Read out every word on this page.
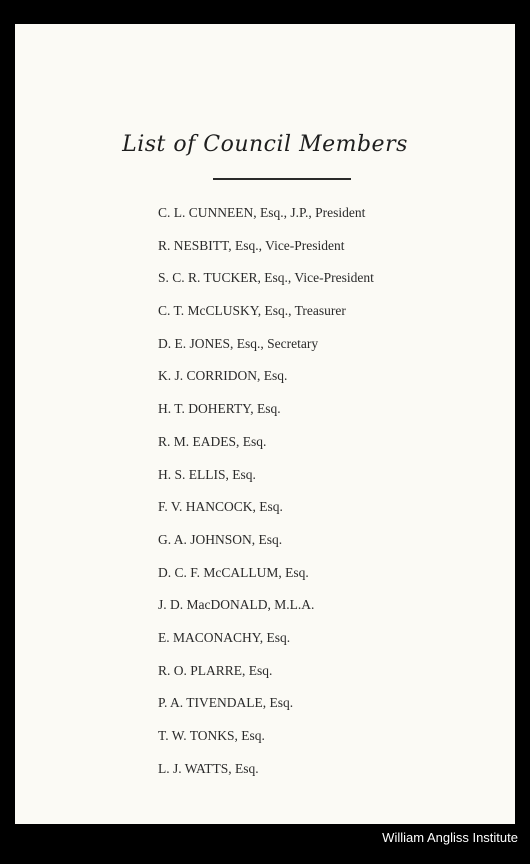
List of Council Members
C. L. CUNNEEN, Esq., J.P., President
R. NESBITT, Esq., Vice-President
S. C. R. TUCKER, Esq., Vice-President
C. T. McCLUSKY, Esq., Treasurer
D. E. JONES, Esq., Secretary
K. J. CORRIDON, Esq.
H. T. DOHERTY, Esq.
R. M. EADES, Esq.
H. S. ELLIS, Esq.
F. V. HANCOCK, Esq.
G. A. JOHNSON, Esq.
D. C. F. McCALLUM, Esq.
J. D. MacDONALD, M.L.A.
E. MACONACHY, Esq.
R. O. PLARRE, Esq.
P. A. TIVENDALE, Esq.
T. W. TONKS, Esq.
L. J. WATTS, Esq.
William Angliss Institute
